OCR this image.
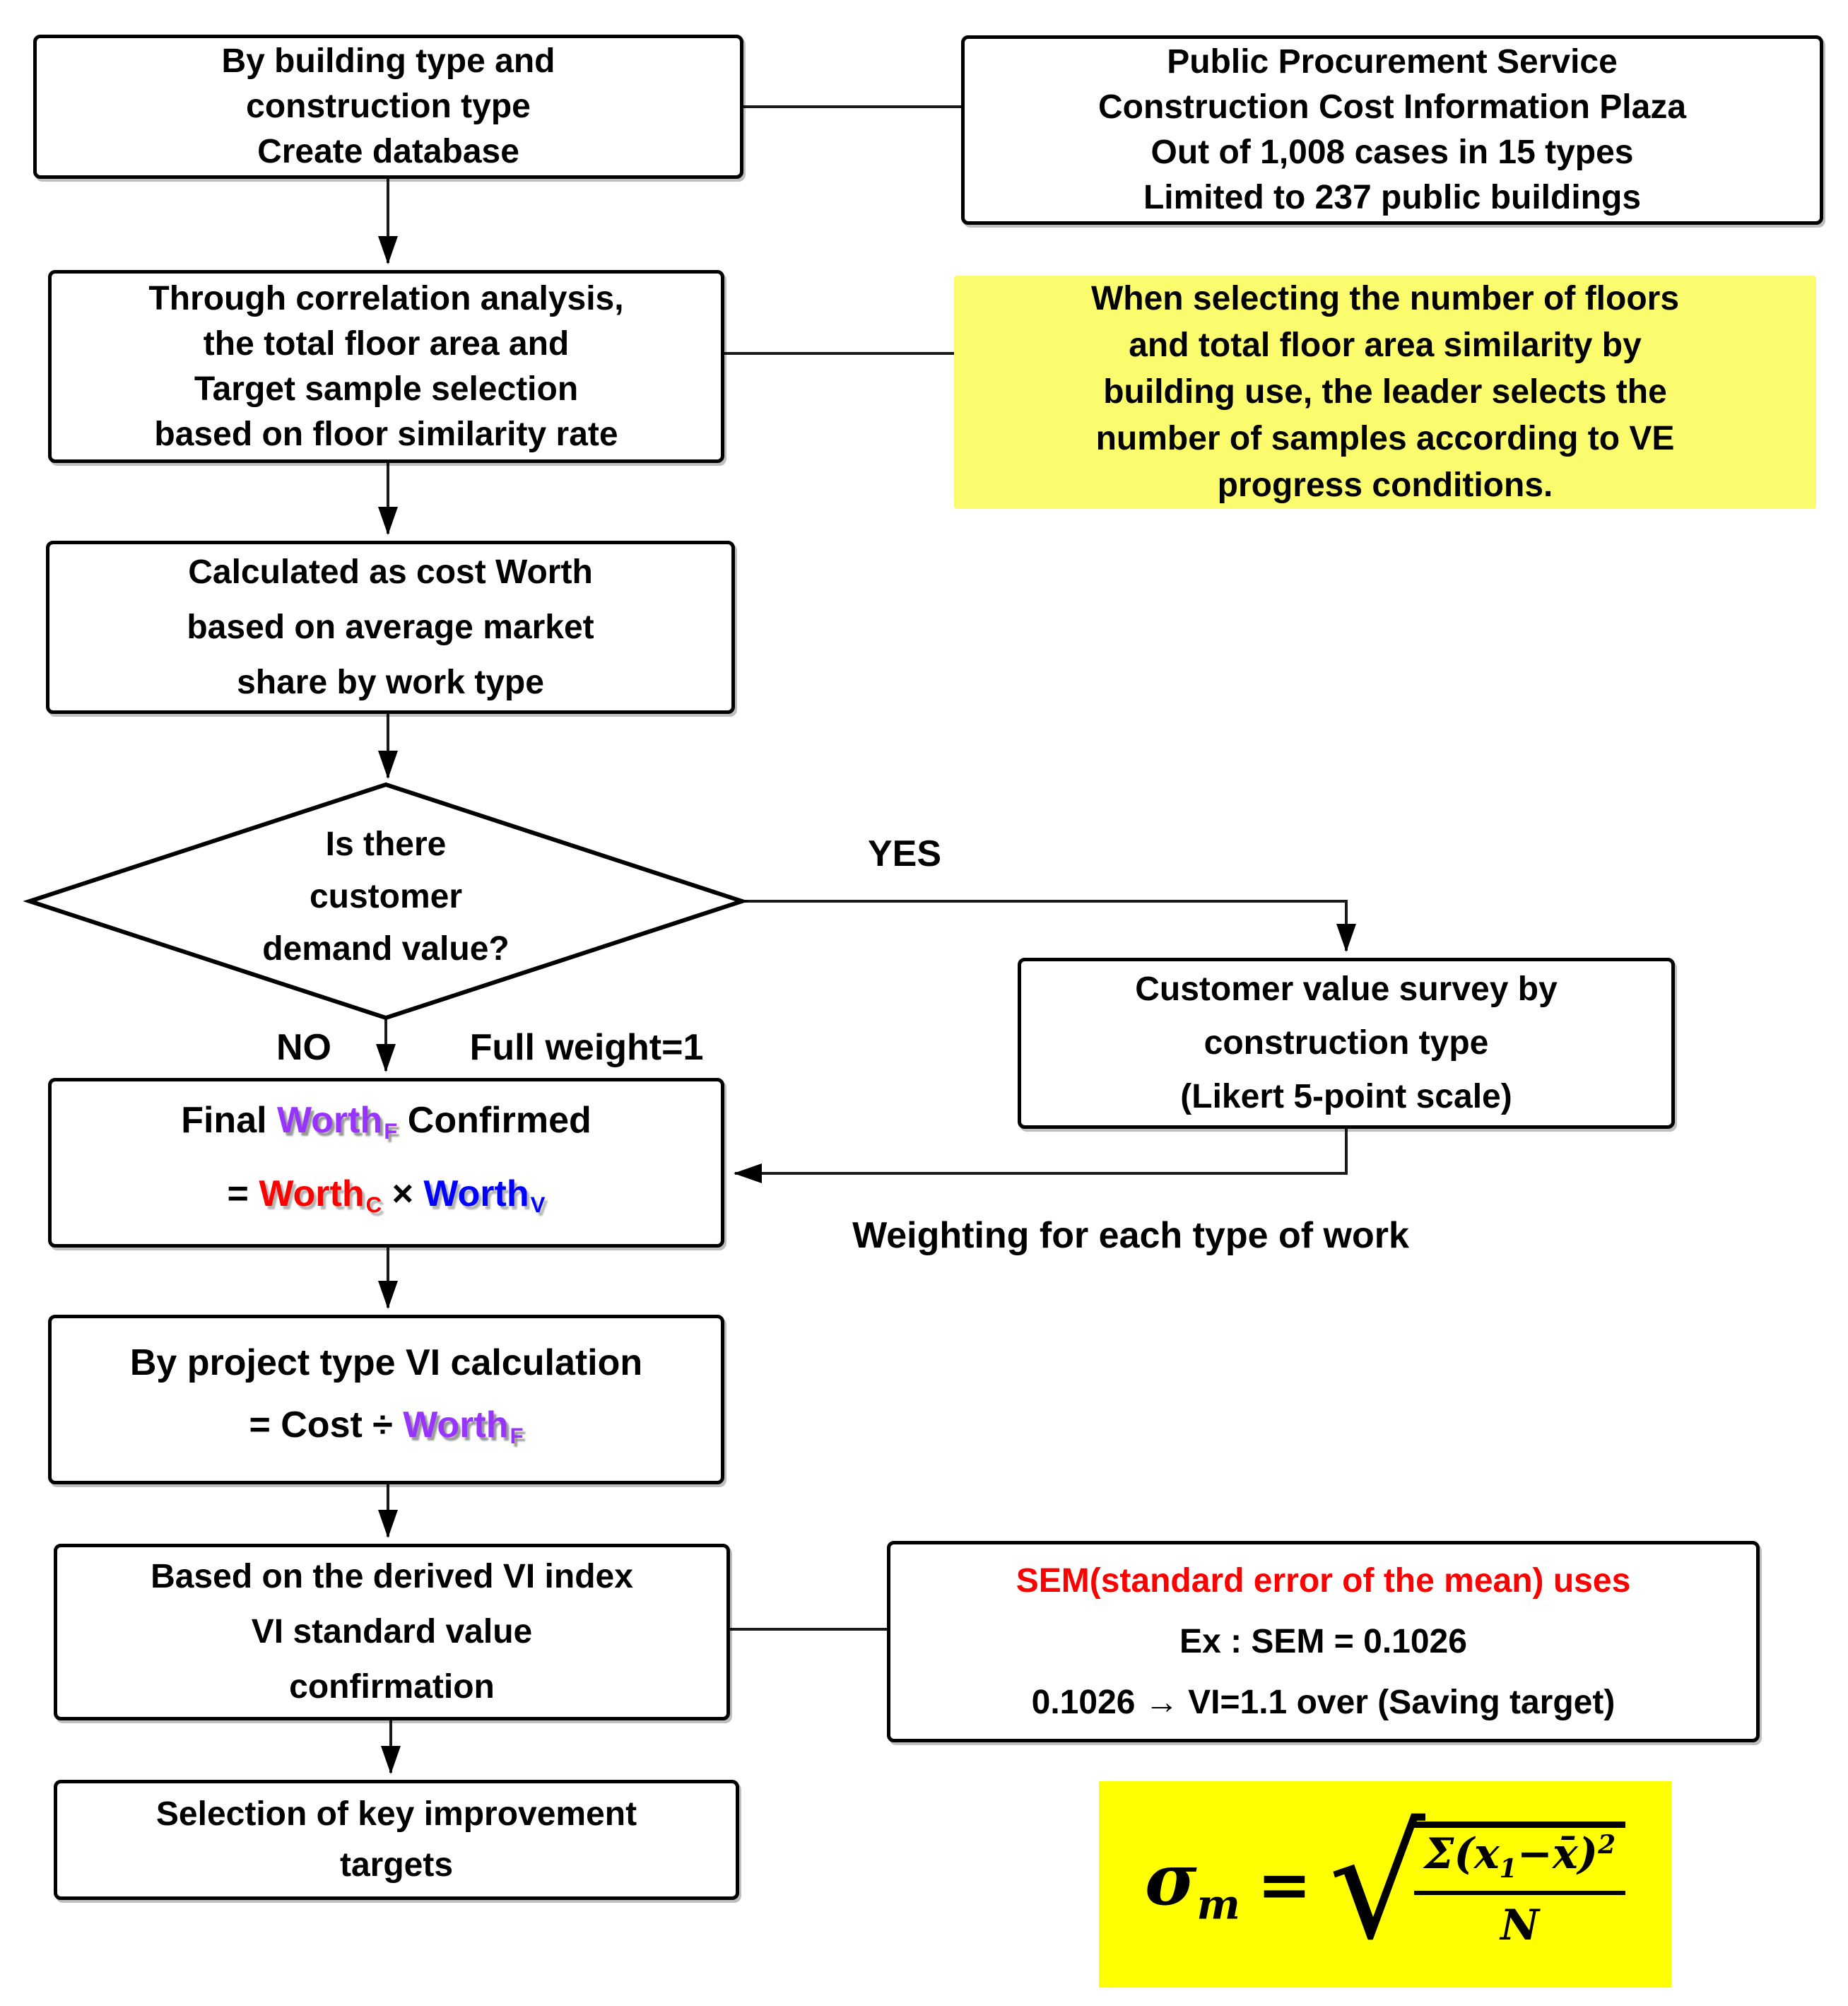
By building type and
construction type
Create database
Public Procurement Service
Construction Cost Information Plaza
Out of 1,008 cases in 15 types
Limited to 237 public buildings
Through correlation analysis,
the total floor area and
Target sample selection
based on floor similarity rate
When selecting the number of floors
and total floor area similarity by
building use, the leader selects the
number of samples according to VE
progress conditions.
Calculated as cost Worth
based on average market
share by work type
Is there
customer
demand value?
YES
NO	Full weight=1
Weighting for each type of work
Customer value survey by
construction type
(Likert 5-point scale)
Final Worth$_F$ Confirmed
= Worth$_C$ × Worth$_V$
By project type VI calculation
= Cost ÷ Worth$_F$
Based on the derived VI index
VI standard value
confirmation
SEM(standard error of the mean) uses
Ex : SEM = 0.1026
0.1026 → VI=1.1 over (Saving target)
Selection of key improvement
targets	$\sigma_m$ = √
$\frac{\Sigma(x_1-x̄)^2}{N}$
